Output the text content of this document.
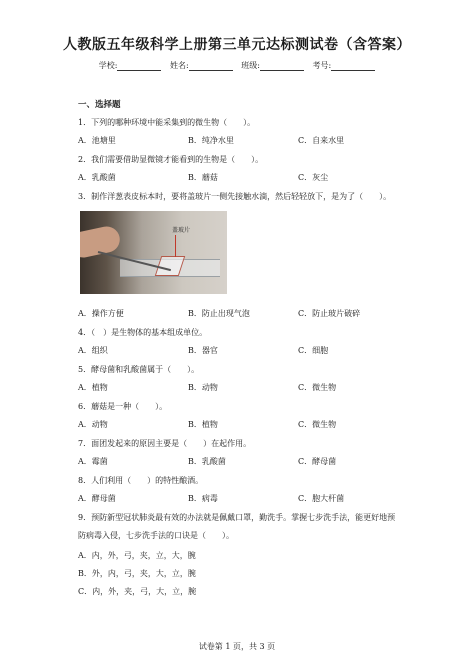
人教版五年级科学上册第三单元达标测试卷（含答案）
学校:	姓名:	班级:	考号:
一、选择题
1．下列的哪种环境中能采集到的微生物（　　）。
A．池塘里	B．纯净水里	C．自来水里
2．我们需要借助显微镜才能看到的生物是（　　）。
A．乳酸菌	B．蘑菇	C．灰尘
3．制作洋葱表皮标本时，要将盖玻片一侧先接触水滴，然后轻轻放下，是为了（　　）。
盖玻片
A．操作方便	B．防止出现气泡	C．防止玻片破碎
4．（　）是生物体的基本组成单位。
A．组织	B．器官	C．细胞
5．酵母菌和乳酸菌属于（　　）。
A．植物	B．动物	C．微生物
6．蘑菇是一种（　　）。
A．动物	B．植物	C．微生物
7．面团发起来的原因主要是（　　）在起作用。
A．霉菌	B．乳酸菌	C．酵母菌
8．人们利用（　　）的特性酿酒。
A．酵母菌	B．病毒	C．胞大杆菌
9．预防新型冠状肺炎最有效的办法就是佩戴口罩，勤洗手。掌握七步洗手法，能更好地预防病毒入侵，七步洗手法的口诀是（　　）。
A．内，外，弓，夹，立，大，腕
B．外，内，弓，夹，大，立，腕
C．内，外，夹，弓，大，立，腕
试卷第 1 页，共 3 页
